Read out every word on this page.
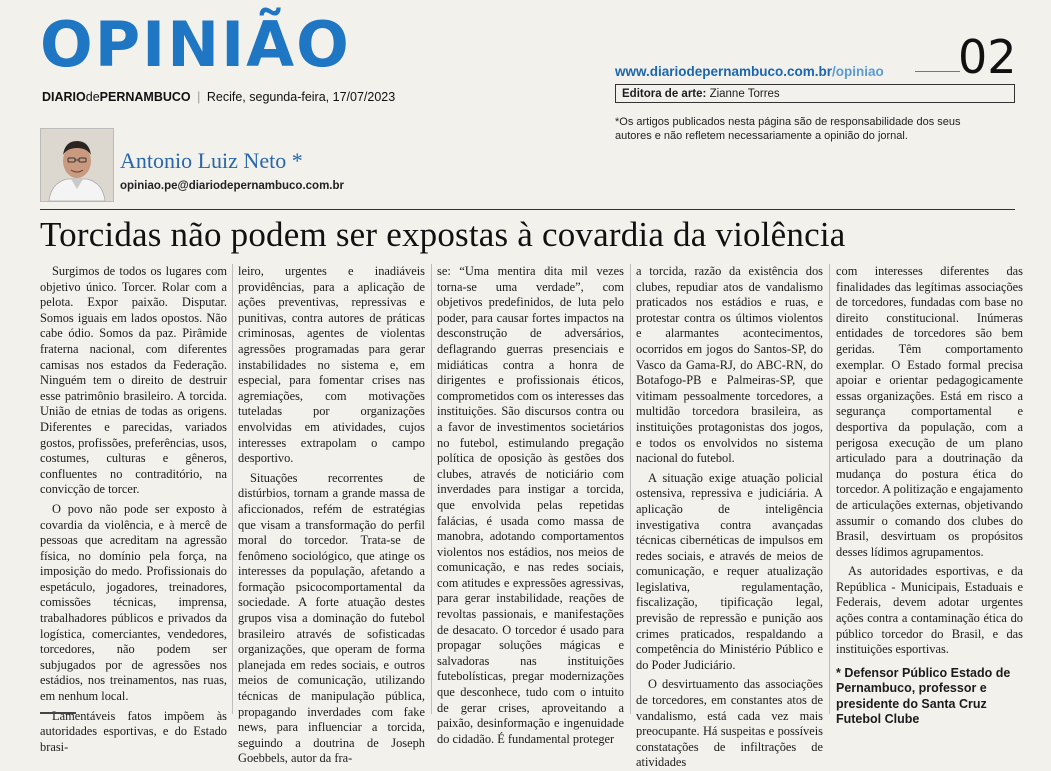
OPINIÃO
DIARIOdePERNAMBUCO | Recife, segunda-feira, 17/07/2023
www.diariodepernambuco.com.br/opiniao 02
Editora de arte: Zianne Torres
*Os artigos publicados nesta página são de responsabilidade dos seus autores e não refletem necessariamente a opinião do jornal.
Antonio Luiz Neto *
opiniao.pe@diariodepernambuco.com.br
Torcidas não podem ser expostas à covardia da violência

Surgimos de todos os lugares com objetivo único. Torcer. Rolar com a pelota. Expor paixão. Disputar. Somos iguais em lados opostos. Não cabe ódio. Somos da paz. Pirâmide fraterna nacional, com diferentes camisas nos estados da Federação. Ninguém tem o direito de destruir esse patrimônio brasileiro. A torcida. União de etnias de todas as origens. Diferentes e parecidas, variados gostos, profissões, preferências, usos, costumes, culturas e gêneros, confluentes no contraditório, na convicção de torcer.

O povo não pode ser exposto à covardia da violência, e à mercê de pessoas que acreditam na agressão física, no domínio pela força, na imposição do medo. Profissionais do espetáculo, jogadores, treinadores, comissões técnicas, imprensa, trabalhadores públicos e privados da logística, comerciantes, vendedores, torcedores, não podem ser subjugados por de agressões nos estádios, nos treinamentos, nas ruas, em nenhum local.

Lamentáveis fatos impõem às autoridades esportivas, e do Estado brasi-

leiro, urgentes e inadiáveis providências, para a aplicação de ações preventivas, repressivas e punitivas, contra autores de práticas criminosas, agentes de violentas agressões programadas para gerar instabilidades no sistema e, em especial, para fomentar crises nas agremiações, com motivações tuteladas por organizações envolvidas em atividades, cujos interesses extrapolam o campo desportivo.

Situações recorrentes de distúrbios, tornam a grande massa de aficcionados, refém de estratégias que visam a transformação do perfil moral do torcedor. Trata-se de fenômeno sociológico, que atinge os interesses da população, afetando a formação psicocomportamental da sociedade. A forte atuação destes grupos visa a dominação do futebol brasileiro através de sofisticadas organizações, que operam de forma planejada em redes sociais, e outros meios de comunicação, utilizando técnicas de manipulação pública, propagando inverdades com fake news, para influenciar a torcida, seguindo a doutrina de Joseph Goebbels, autor da fra-

se: “Uma mentira dita mil vezes torna-se uma verdade”, com objetivos predefinidos, de luta pelo poder, para causar fortes impactos na desconstrução de adversários, deflagrando guerras presenciais e midiáticas contra a honra de dirigentes e profissionais éticos, comprometidos com os interesses das instituições. São discursos contra ou a favor de investimentos societários no futebol, estimulando pregação política de oposição às gestões dos clubes, através de noticiário com inverdades para instigar a torcida, que envolvida pelas repetidas falácias, é usada como massa de manobra, adotando comportamentos violentos nos estádios, nos meios de comunicação, e nas redes sociais, com atitudes e expressões agressivas, para gerar instabilidade, reações de revoltas passionais, e manifestações de desacato. O torcedor é usado para propagar soluções mágicas e salvadoras nas instituições futebolísticas, pregar modernizações que desconhece, tudo com o intuito de gerar crises, aproveitando a paixão, desinformação e ingenuidade do cidadão. É fundamental proteger

a torcida, razão da existência dos clubes, repudiar atos de vandalismo praticados nos estádios e ruas, e protestar contra os últimos violentos e alarmantes acontecimentos, ocorridos em jogos do Santos-SP, do Vasco da Gama-RJ, do ABC-RN, do Botafogo-PB e Palmeiras-SP, que vitimam pessoalmente torcedores, a multidão torcedora brasileira, as instituições protagonistas dos jogos, e todos os envolvidos no sistema nacional do futebol.

A situação exige atuação policial ostensiva, repressiva e judiciária. A aplicação de inteligência investigativa contra avançadas técnicas cibernéticas de impulsos em redes sociais, e através de meios de comunicação, e requer atualização legislativa, regulamentação, fiscalização, tipificação legal, previsão de repressão e punição aos crimes praticados, respaldando a competência do Ministério Público e do Poder Judiciário.

O desvirtuamento das associações de torcedores, em constantes atos de vandalismo, está cada vez mais preocupante. Há suspeitas e possíveis constatações de infiltrações de atividades

com interesses diferentes das finalidades das legítimas associações de torcedores, fundadas com base no direito constitucional. Inúmeras entidades de torcedores são bem geridas. Têm comportamento exemplar. O Estado formal precisa apoiar e orientar pedagogicamente essas organizações. Está em risco a segurança comportamental e desportiva da população, com a perigosa execução de um plano articulado para a doutrinação da mudança do postura ética do torcedor. A politização e engajamento de articulações externas, objetivando assumir o comando dos clubes do Brasil, desvirtuam os propósitos desses lídimos agrupamentos.

As autoridades esportivas, e da República - Municipais, Estaduais e Federais, devem adotar urgentes ações contra a contaminação ética do público torcedor do Brasil, e das instituições esportivas.

* Defensor Público Estado de Pernambuco, professor e presidente do Santa Cruz Futebol Clube
